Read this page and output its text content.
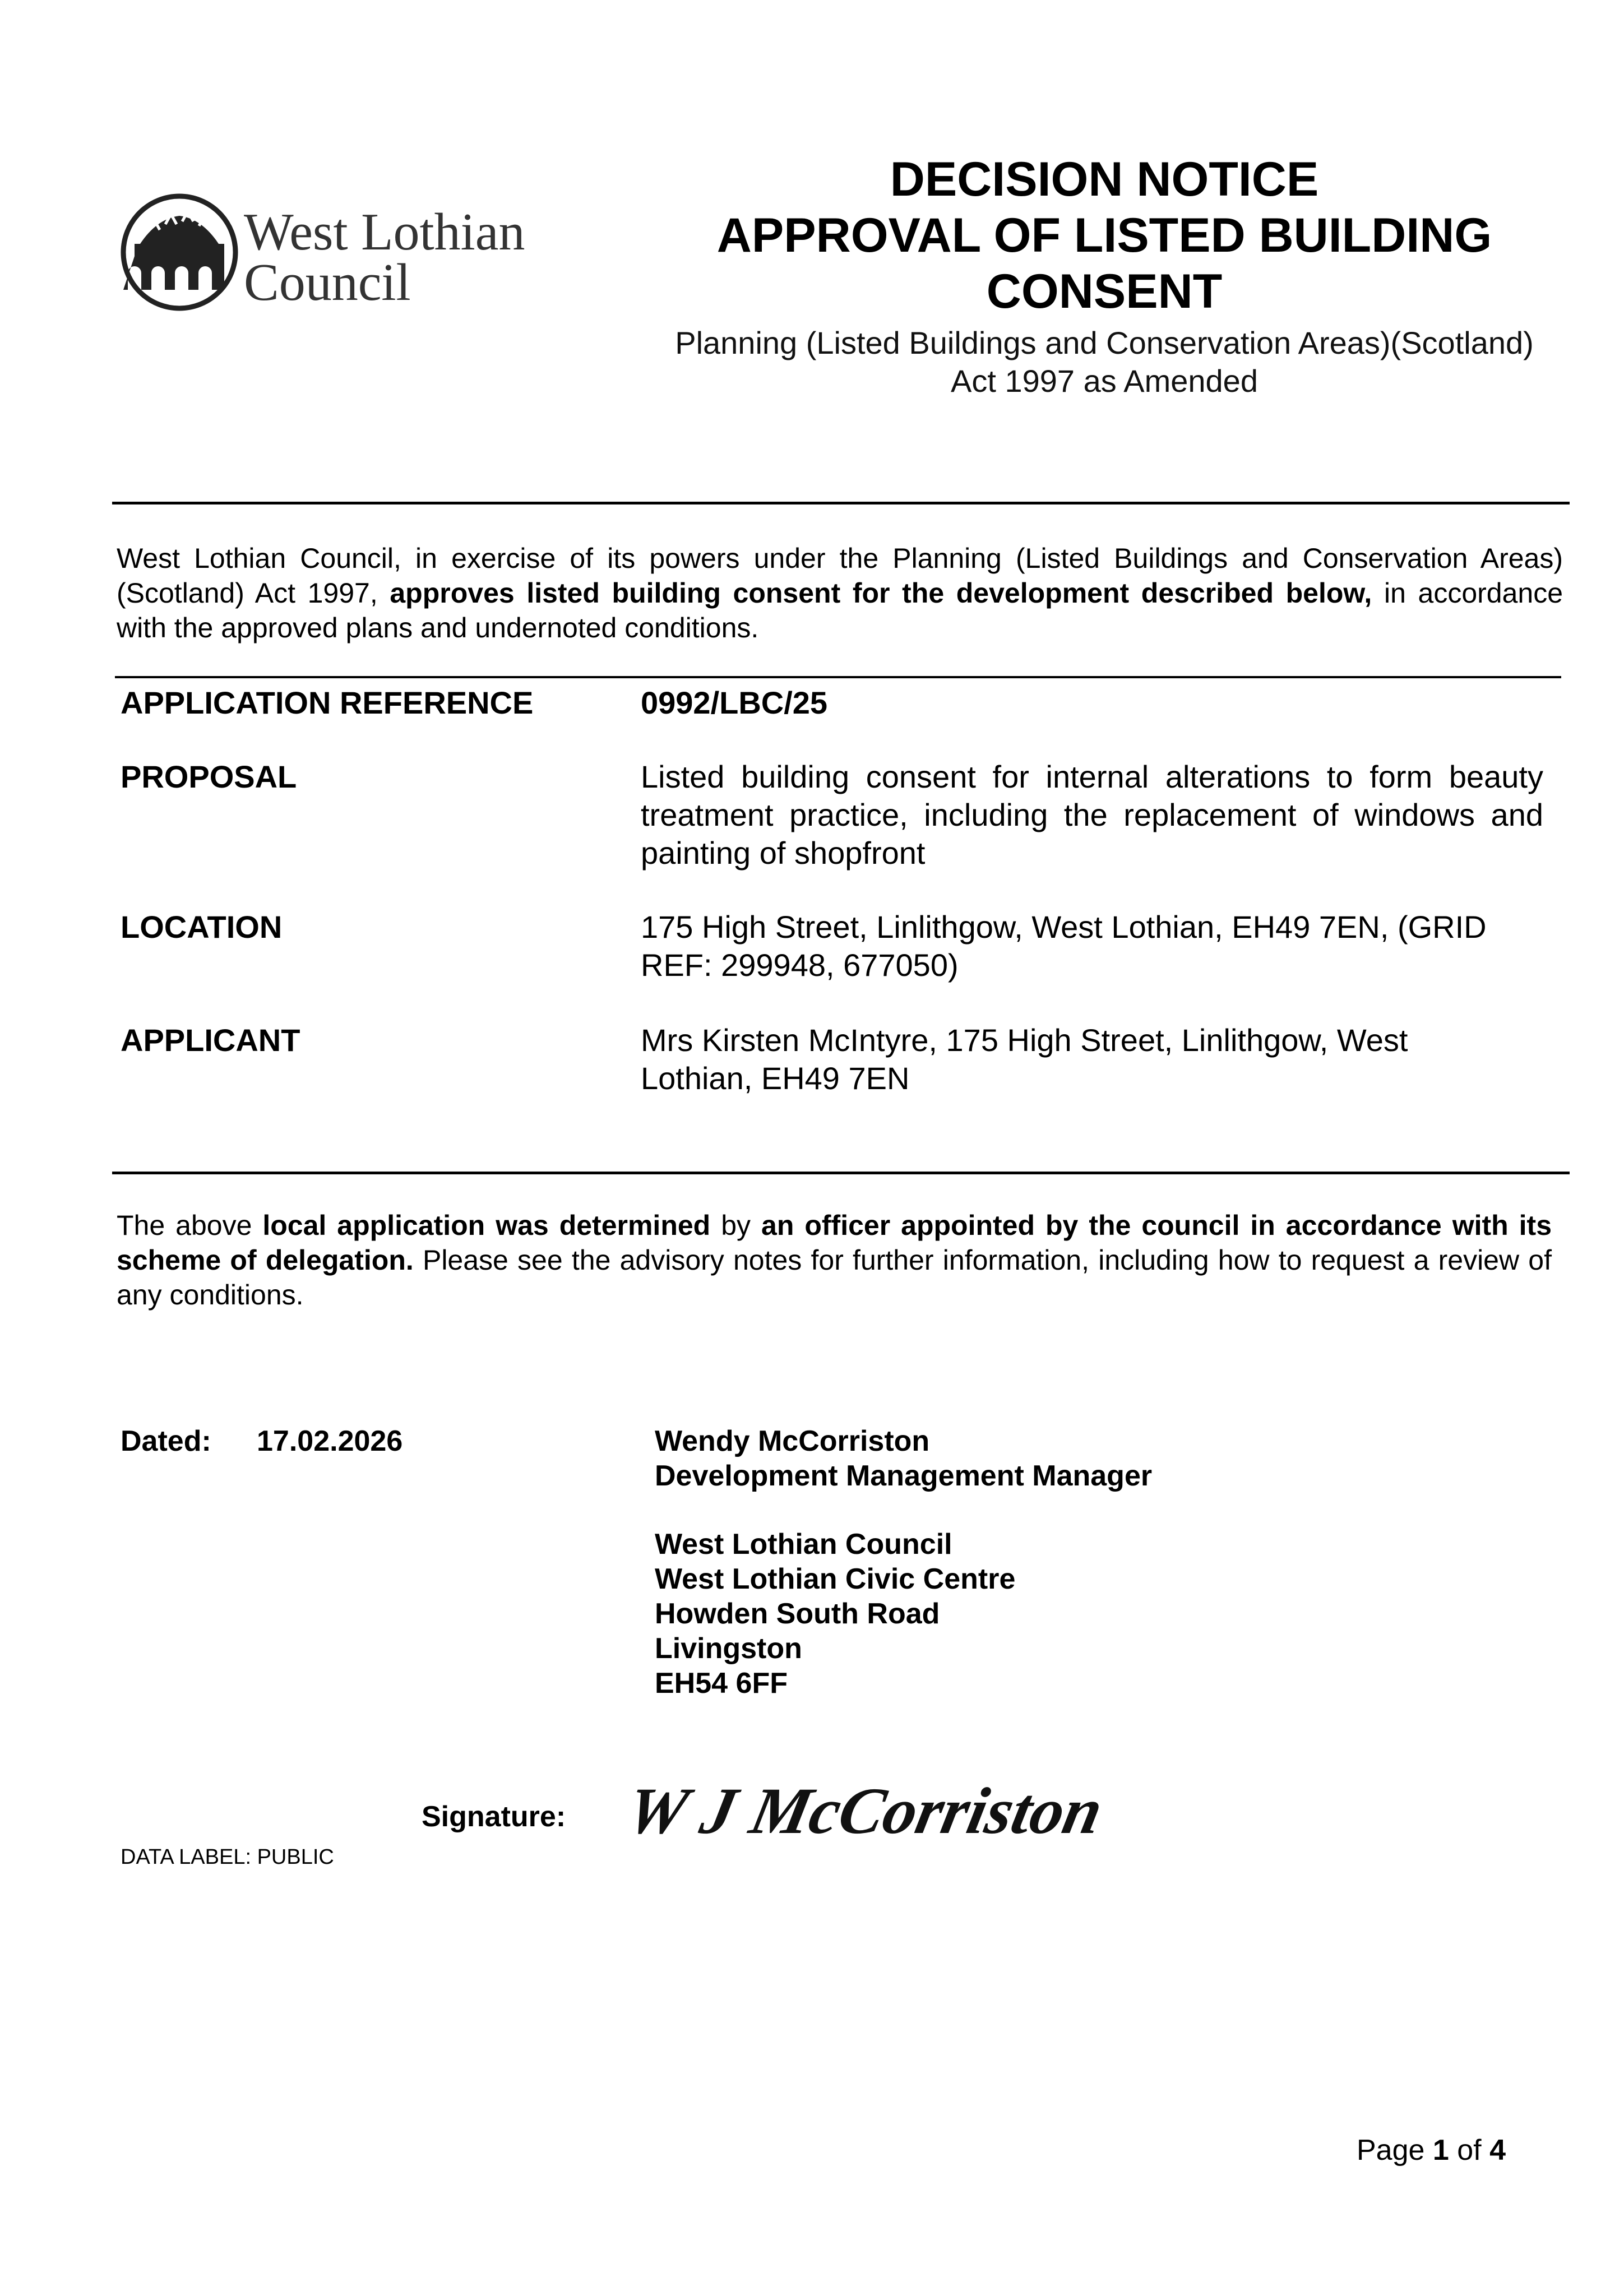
West Lothian
Council
DECISION NOTICE
APPROVAL OF LISTED BUILDING
CONSENT
Planning (Listed Buildings and Conservation Areas)(Scotland)
Act 1997 as Amended
West Lothian Council, in exercise of its powers under the Planning (Listed Buildings and Conservation Areas)(Scotland) Act 1997, approves listed building consent for the development described below, in accordance with the approved plans and undernoted conditions.
APPLICATION REFERENCE	0992/LBC/25
PROPOSAL	Listed building consent for internal alterations to form beauty treatment practice, including the replacement of windows and painting of shopfront
LOCATION	175 High Street, Linlithgow, West Lothian, EH49 7EN, (GRID REF: 299948, 677050)
APPLICANT	Mrs Kirsten McIntyre, 175 High Street, Linlithgow, West Lothian, EH49 7EN
The above local application was determined by an officer appointed by the council in accordance with its scheme of delegation. Please see the advisory notes for further information, including how to request a review of any conditions.
Dated: 17.02.2026	Wendy McCorriston
Development Management Manager
West Lothian Council
West Lothian Civic Centre
Howden South Road
Livingston
EH54 6FF
Signature: W J McCorriston
DATA LABEL: PUBLIC
Page 1 of 4
